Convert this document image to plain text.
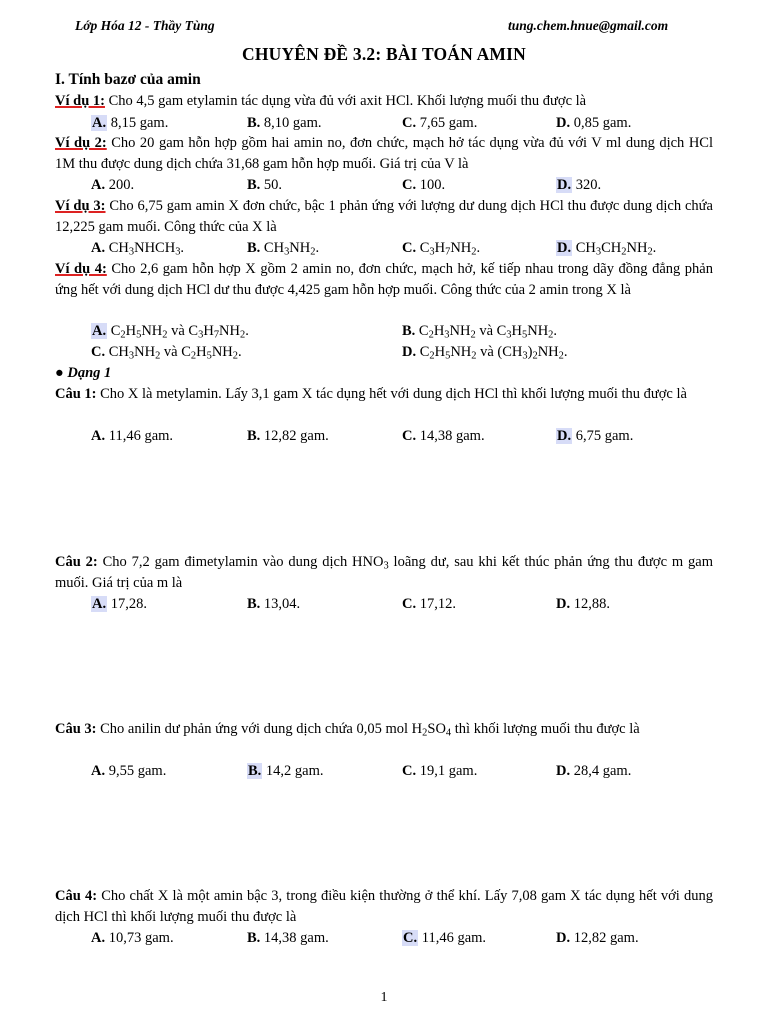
Lớp Hóa 12 - Thầy Tùng	tung.chem.hnue@gmail.com
CHUYÊN ĐỀ 3.2: BÀI TOÁN AMIN
I. Tính bazơ của amin
Ví dụ 1: Cho 4,5 gam etylamin tác dụng vừa đủ với axit HCl. Khối lượng muối thu được là
A. 8,15 gam.	B. 8,10 gam.	C. 7,65 gam.	D. 0,85 gam.
Ví dụ 2: Cho 20 gam hỗn hợp gồm hai amin no, đơn chức, mạch hở tác dụng vừa đủ với V ml dung dịch HCl 1M thu được dung dịch chứa 31,68 gam hỗn hợp muối. Giá trị của V là
A. 200.	B. 50.	C. 100.	D. 320.
Ví dụ 3: Cho 6,75 gam amin X đơn chức, bậc 1 phản ứng với lượng dư dung dịch HCl thu được dung dịch chứa 12,225 gam muối. Công thức của X là
A. $CH_3NHCH_3$.	B. $CH_3NH_2$.	C. $C_3H_7NH_2$.	D. $CH_3CH_2NH_2$.
Ví dụ 4: Cho 2,6 gam hỗn hợp X gồm 2 amin no, đơn chức, mạch hở, kế tiếp nhau trong dãy đồng đẳng phản ứng hết với dung dịch HCl dư thu được 4,425 gam hỗn hợp muối. Công thức của 2 amin trong X là
A. $C_2H_5NH_2$ và $C_3H_7NH_2$.	B. $C_2H_3NH_2$ và $C_3H_5NH_2$.
C. $CH_3NH_2$ và $C_2H_5NH_2$.	D. $C_2H_5NH_2$ và $(CH_3)_2NH_2$.
● Dạng 1
Câu 1: Cho X là metylamin. Lấy 3,1 gam X tác dụng hết với dung dịch HCl thì khối lượng muối thu được là
A. 11,46 gam.	B. 12,82 gam.	C. 14,38 gam.	D. 6,75 gam.
Câu 2: Cho 7,2 gam đimetylamin vào dung dịch $HNO_3$ loãng dư, sau khi kết thúc phản ứng thu được m gam muối. Giá trị của m là
A. 17,28.	B. 13,04.	C. 17,12.	D. 12,88.
Câu 3: Cho anilin dư phản ứng với dung dịch chứa 0,05 mol $H_2SO_4$ thì khối lượng muối thu được là
A. 9,55 gam.	B. 14,2 gam.	C. 19,1 gam.	D. 28,4 gam.
Câu 4: Cho chất X là một amin bậc 3, trong điều kiện thường ở thể khí. Lấy 7,08 gam X tác dụng hết với dung dịch HCl thì khối lượng muối thu được là
A. 10,73 gam.	B. 14,38 gam.	C. 11,46 gam.	D. 12,82 gam.
1
